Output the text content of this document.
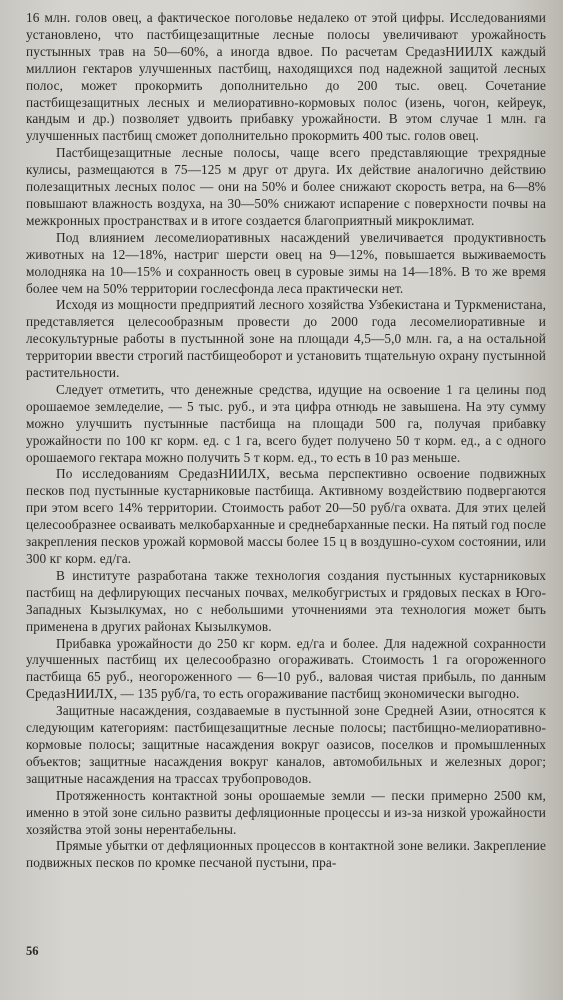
16 млн. голов овец, а фактическое поголовье недалеко от этой цифры. Исследованиями установлено, что пастбищезащитные лесные полосы увеличивают урожайность пустынных трав на 50—60%, а иногда вдвое. По расчетам СредазНИИЛХ каждый миллион гектаров улучшенных пастбищ, находящихся под надежной защитой лесных полос, может прокормить дополнительно до 200 тыс. овец. Сочетание пастбищезащитных лесных и мелиоративно-кормовых полос (изень, чогон, кейреук, кандым и др.) позволяет удвоить прибавку урожайности. В этом случае 1 млн. га улучшенных пастбищ сможет дополнительно прокормить 400 тыс. голов овец.

Пастбищезащитные лесные полосы, чаще всего представляющие трехрядные кулисы, размещаются в 75—125 м друг от друга. Их действие аналогично действию полезащитных лесных полос — они на 50% и более снижают скорость ветра, на 6—8% повышают влажность воздуха, на 30—50% снижают испарение с поверхности почвы на межкронных пространствах и в итоге создается благоприятный микроклимат.

Под влиянием лесомелиоративных насаждений увеличивается продуктивность животных на 12—18%, настриг шерсти овец на 9—12%, повышается выживаемость молодняка на 10—15% и сохранность овец в суровые зимы на 14—18%. В то же время более чем на 50% территории гослесфонда леса практически нет.

Исходя из мощности предприятий лесного хозяйства Узбекистана и Туркменистана, представляется целесообразным провести до 2000 года лесомелиоративные и лесокультурные работы в пустынной зоне на площади 4,5—5,0 млн. га, а на остальной территории ввести строгий пастбищеоборот и установить тщательную охрану пустынной растительности.

Следует отметить, что денежные средства, идущие на освоение 1 га целины под орошаемое земледелие, — 5 тыс. руб., и эта цифра отнюдь не завышена. На эту сумму можно улучшить пустынные пастбища на площади 500 га, получая прибавку урожайности по 100 кг корм. ед. с 1 га, всего будет получено 50 т корм. ед., а с одного орошаемого гектара можно получить 5 т корм. ед., то есть в 10 раз меньше.

По исследованиям СредазНИИЛХ, весьма перспективно освоение подвижных песков под пустынные кустарниковые пастбища. Активному воздействию подвергаются при этом всего 14% территории. Стоимость работ 20—50 руб/га охвата. Для этих целей целесообразнее осваивать мелкобарханные и среднебарханные пески. На пятый год после закрепления песков урожай кормовой массы более 15 ц в воздушно-сухом состоянии, или 300 кг корм. ед/га.

В институте разработана также технология создания пустынных кустарниковых пастбищ на дефлирующих песчаных почвах, мелкобугристых и грядовых песках в Юго-Западных Кызылкумах, но с небольшими уточнениями эта технология может быть применена в других районах Кызылкумов.

Прибавка урожайности до 250 кг корм. ед/га и более. Для надежной сохранности улучшенных пастбищ их целесообразно огораживать. Стоимость 1 га огороженного пастбища 65 руб., неогороженного — 6—10 руб., валовая чистая прибыль, по данным СредазНИИЛХ, — 135 руб/га, то есть огораживание пастбищ экономически выгодно.

Защитные насаждения, создаваемые в пустынной зоне Средней Азии, относятся к следующим категориям: пастбищезащитные лесные полосы; пастбищно-мелиоративно-кормовые полосы; защитные насаждения вокруг оазисов, поселков и промышленных объектов; защитные насаждения вокруг каналов, автомобильных и железных дорог; защитные насаждения на трассах трубопроводов.

Протяженность контактной зоны орошаемые земли — пески примерно 2500 км, именно в этой зоне сильно развиты дефляционные процессы и из-за низкой урожайности хозяйства этой зоны нерентабельны.

Прямые убытки от дефляционных процессов в контактной зоне велики. Закрепление подвижных песков по кромке песчаной пустыни, пра-

56
